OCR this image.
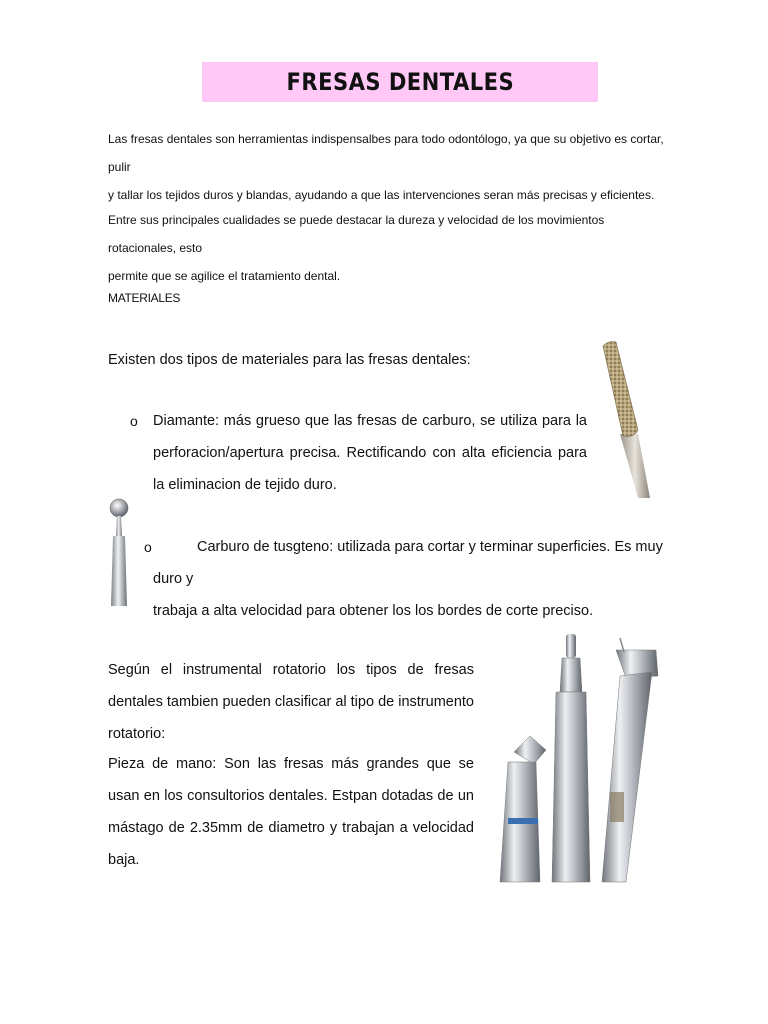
FRESAS DENTALES

Las fresas dentales son herramientas indispensalbes para todo odontólogo, ya que su objetivo es cortar, pulir
y tallar los tejidos duros y blandas, ayudando a que las intervenciones seran más precisas y eficientes.

Entre sus principales cualidades se puede destacar la dureza y velocidad de los movimientos rotacionales, esto
permite que se agilice el tratamiento dental.

MATERIALES

Existen dos tipos de materiales para las fresas dentales:

o Diamante: más grueso que las fresas de carburo, se utiliza para la perforacion/apertura precisa. Rectificando con alta eficiencia para la eliminacion de tejido duro.

o	Carburo de tusgteno: utilizada para cortar y terminar superficies. Es muy duro y
trabaja a alta velocidad para obtener los los bordes de corte preciso.

Según el instrumental rotatorio los tipos de fresas dentales tambien pueden clasificar al tipo de instrumento rotatorio:

Pieza de mano: Son las fresas más grandes que se usan en los consultorios dentales. Estpan dotadas de un mástago de 2.35mm de diametro y trabajan a velocidad baja.
